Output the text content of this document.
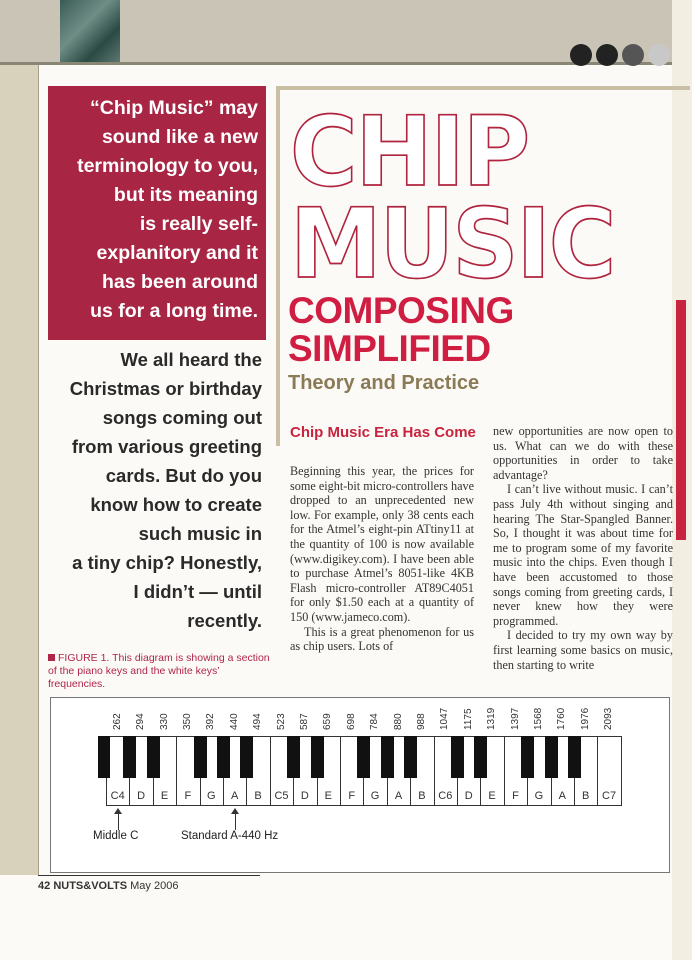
“Chip Music” may
sound like a new
terminology to you,
but its meaning
is really self-
explanitory and it
has been around
us for a long time.
We all heard the
Christmas or birthday
songs coming out
from various greeting
cards. But do you
know how to create
such music in
a tiny chip? Honestly,
I didn’t — until
recently.
FIGURE 1. This diagram is showing a section of the piano keys and the white keys’ frequencies.
CHIP
MUSIC
COMPOSING
SIMPLIFIED
Theory and Practice
Chip Music Era Has Come

Beginning this year, the prices for some eight-bit micro-controllers have dropped to an unprecedented new low. For example, only 38 cents each for the Atmel’s eight-pin ATtiny11 at the quantity of 100 is now available (www.digikey.com). I have been able to purchase Atmel’s 8051-like 4KB Flash micro-controller AT89C4051 for only $1.50 each at a quantity of 150 (www.jameco.com).

This is a great phenomenon for us as chip users. Lots of

new opportunities are now open to us. What can we do with these opportunities in order to take advantage?

I can’t live without music. I can’t pass July 4th without singing and hearing The Star-Spangled Banner. So, I thought it was about time for me to program some of my favorite music into the chips. Even though I have been accustomed to those songs coming from greeting cards, I never knew how they were programmed.

I decided to try my own way by first learning some basics on music, then starting to write

262 294 330 350 392 440 494 523 587 659 698 784 880 988 1047 1175 1319 1397 1568 1760 1976 2093
C4	D	E	F	G	A	B	C5	D	E	F	G	A	B	C6	D	E	F	G	A	B	C7
Middle C	Standard A-440 Hz
42 NUTS&VOLTS May 2006
